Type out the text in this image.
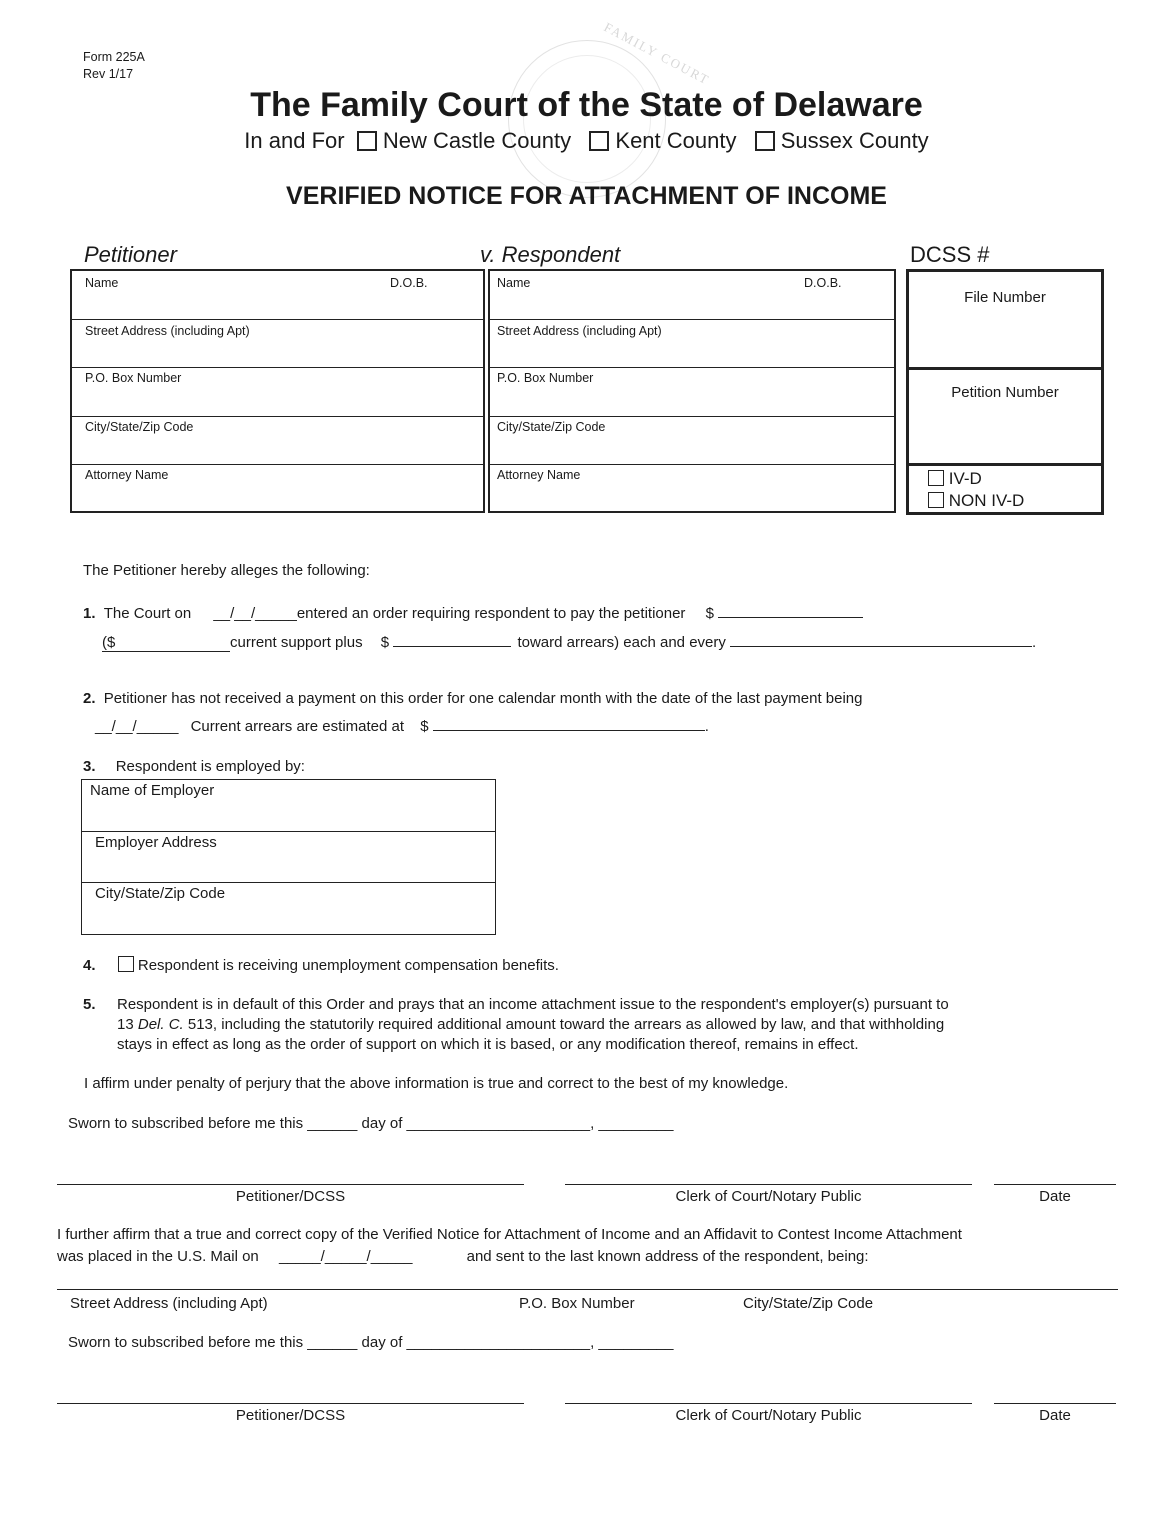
Form 225A
Rev 1/17	FAMILY COURT
The Family Court of the State of Delaware
In and For New Castle County Kent County Sussex County
VERIFIED NOTICE FOR ATTACHMENT OF INCOME
Petitioner	v. Respondent	DCSS #
Name	D.O.B.
Street Address (including Apt)
P.O. Box Number
City/State/Zip Code
Attorney Name
Name	D.O.B.
Street Address (including Apt)
P.O. Box Number
City/State/Zip Code
Attorney Name
File Number
Petition Number
IV-D
NON IV-D
The Petitioner hereby alleges the following:
1. The Court on __/__/_____entered an order requiring respondent to pay the petitioner $
($	current support plus $	toward arrears) each and every	.
2. Petitioner has not received a payment on this order for one calendar month with the date of the last payment being
__/__/_____ Current arrears are estimated at $	.
3. Respondent is employed by:
Name of Employer
Employer Address
City/State/Zip Code
4.	Respondent is receiving unemployment compensation benefits.
5. Respondent is in default of this Order and prays that an income attachment issue to the respondent's employer(s) pursuant to
13 Del. C. 513, including the statutorily required additional amount toward the arrears as allowed by law, and that withholding
stays in effect as long as the order of support on which it is based, or any modification thereof, remains in effect.
I affirm under penalty of perjury that the above information is true and correct to the best of my knowledge.
Sworn to subscribed before me this ______ day of ______________________, _________
Petitioner/DCSS	Clerk of Court/Notary Public	Date
I further affirm that a true and correct copy of the Verified Notice for Attachment of Income and an Affidavit to Contest Income Attachment
was placed in the U.S. Mail on _____/_____/_____	and sent to the last known address of the respondent, being:
Street Address (including Apt)	P.O. Box Number	City/State/Zip Code
Sworn to subscribed before me this ______ day of ______________________, _________
Petitioner/DCSS	Clerk of Court/Notary Public	Date
